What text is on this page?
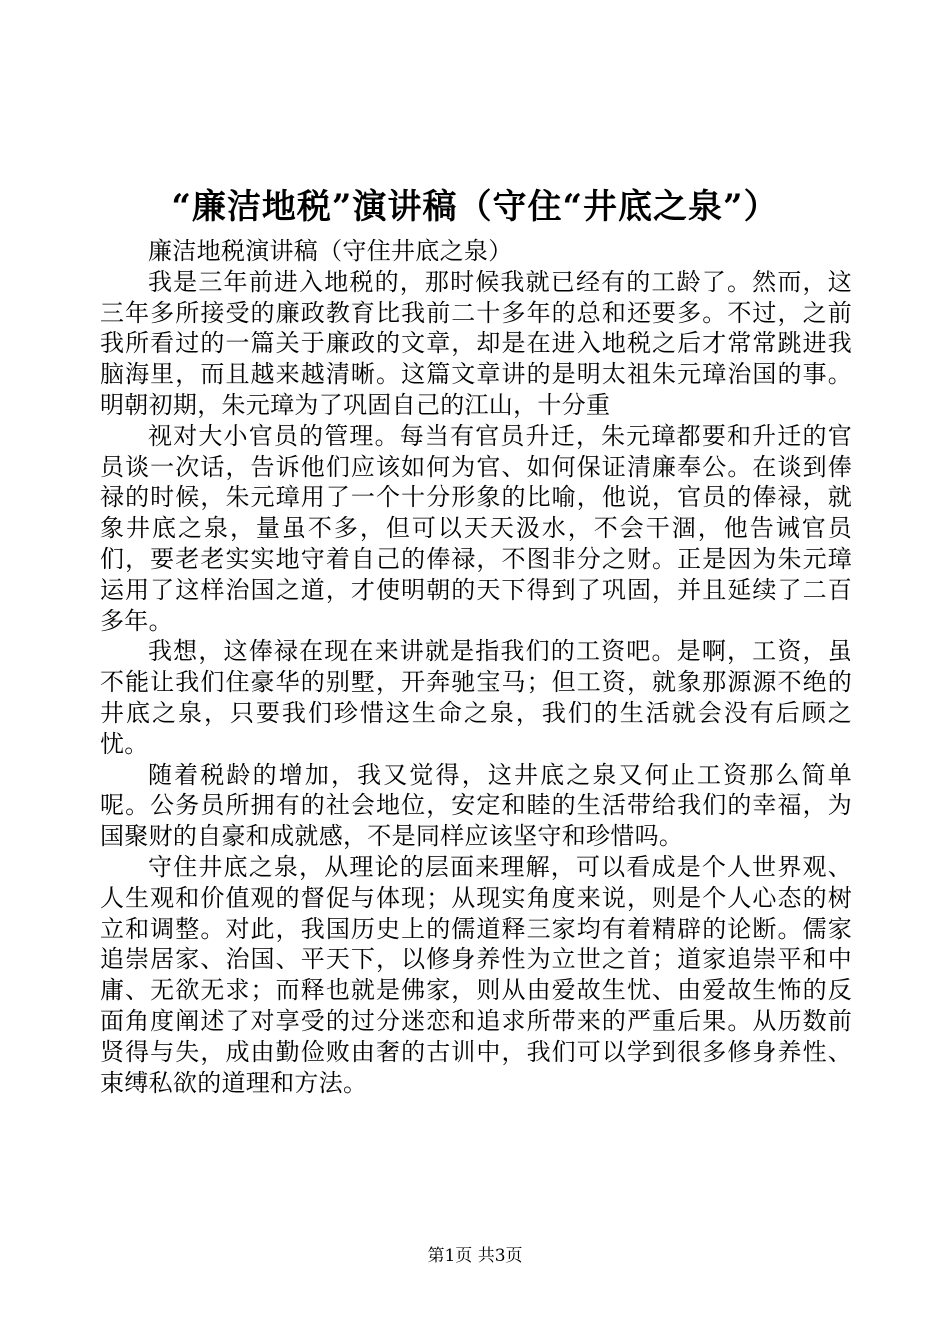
“廉洁地税”演讲稿（守住“井底之泉”）

廉洁地税演讲稿（守住井底之泉）

我是三年前进入地税的，那时候我就已经有的工龄了。然而，这三年多所接受的廉政教育比我前二十多年的总和还要多。不过，之前我所看过的一篇关于廉政的文章，却是在进入地税之后才常常跳进我脑海里，而且越来越清晰。这篇文章讲的是明太祖朱元璋治国的事。明朝初期，朱元璋为了巩固自己的江山，十分重

视对大小官员的管理。每当有官员升迁，朱元璋都要和升迁的官员谈一次话，告诉他们应该如何为官、如何保证清廉奉公。在谈到俸禄的时候，朱元璋用了一个十分形象的比喻，他说，官员的俸禄，就象井底之泉，量虽不多，但可以天天汲水，不会干涸，他告诫官员们，要老老实实地守着自己的俸禄，不图非分之财。正是因为朱元璋运用了这样治国之道，才使明朝的天下得到了巩固，并且延续了二百多年。

我想，这俸禄在现在来讲就是指我们的工资吧。是啊，工资，虽不能让我们住豪华的别墅，开奔驰宝马；但工资，就象那源源不绝的井底之泉，只要我们珍惜这生命之泉，我们的生活就会没有后顾之忧。

随着税龄的增加，我又觉得，这井底之泉又何止工资那么简单呢。公务员所拥有的社会地位，安定和睦的生活带给我们的幸福，为国聚财的自豪和成就感，不是同样应该坚守和珍惜吗。

守住井底之泉，从理论的层面来理解，可以看成是个人世界观、人生观和价值观的督促与体现；从现实角度来说，则是个人心态的树立和调整。对此，我国历史上的儒道释三家均有着精辟的论断。儒家追崇居家、治国、平天下，以修身养性为立世之首；道家追崇平和中庸、无欲无求；而释也就是佛家，则从由爱故生忧、由爱故生怖的反面角度阐述了对享受的过分迷恋和追求所带来的严重后果。从历数前贤得与失，成由勤俭败由奢的古训中，我们可以学到很多修身养性、束缚私欲的道理和方法。

第1页 共3页
